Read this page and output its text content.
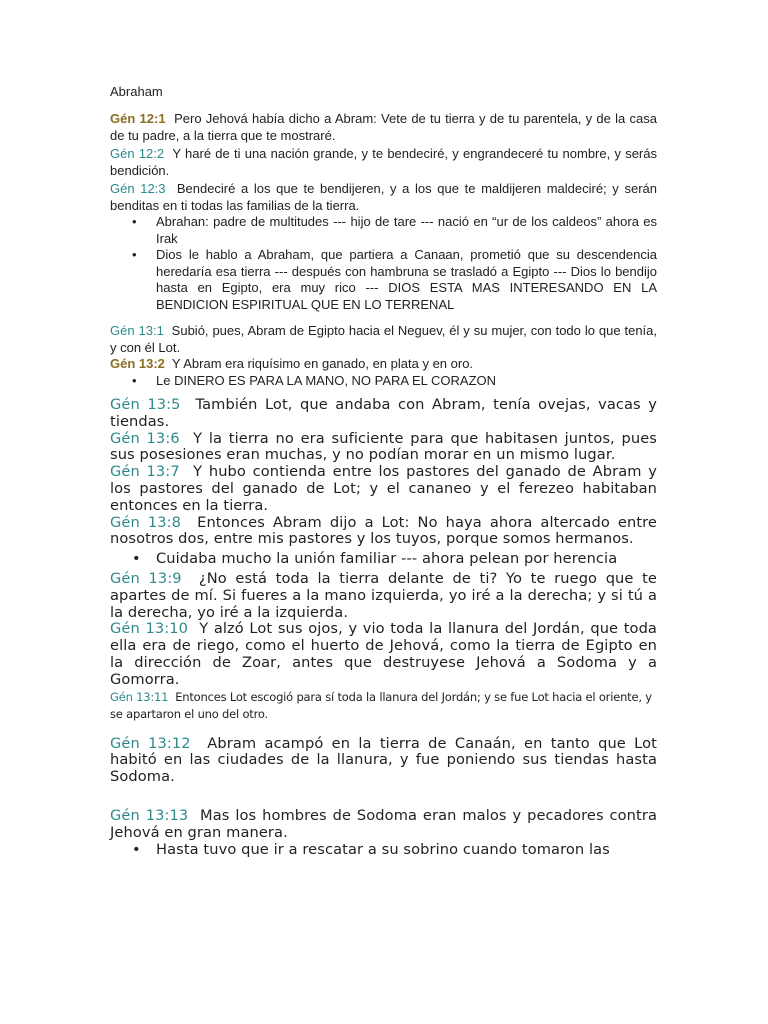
Abraham

Gén 12:1 Pero Jehová había dicho a Abram: Vete de tu tierra y de tu parentela, y de la casa de tu padre, a la tierra que te mostraré.

Gén 12:2 Y haré de ti una nación grande, y te bendeciré, y engrandeceré tu nombre, y serás bendición.

Gén 12:3 Bendeciré a los que te bendijeren, y a los que te maldijeren maldeciré; y serán benditas en ti todas las familias de la tierra.

• Abrahan: padre de multitudes --- hijo de tare --- nació en “ur de los caldeos” ahora es Irak
• Dios le hablo a Abraham, que partiera a Canaan, prometió que su descendencia heredaría esa tierra --- después con hambruna se trasladó a Egipto --- Dios lo bendijo hasta en Egipto, era muy rico --- DIOS ESTA MAS INTERESANDO EN LA BENDICION ESPIRITUAL QUE EN LO TERRENAL

Gén 13:1 Subió, pues, Abram de Egipto hacia el Neguev, él y su mujer, con todo lo que tenía, y con él Lot.

Gén 13:2 Y Abram era riquísimo en ganado, en plata y en oro.

• Le DINERO ES PARA LA MANO, NO PARA EL CORAZON

Gén 13:5 También Lot, que andaba con Abram, tenía ovejas, vacas y tiendas.

Gén 13:6 Y la tierra no era suficiente para que habitasen juntos, pues sus posesiones eran muchas, y no podían morar en un mismo lugar.

Gén 13:7 Y hubo contienda entre los pastores del ganado de Abram y los pastores del ganado de Lot; y el cananeo y el ferezeo habitaban entonces en la tierra.

Gén 13:8 Entonces Abram dijo a Lot: No haya ahora altercado entre nosotros dos, entre mis pastores y los tuyos, porque somos hermanos.

• Cuidaba mucho la unión familiar --- ahora pelean por herencia

Gén 13:9 ¿No está toda la tierra delante de ti? Yo te ruego que te apartes de mí. Si fueres a la mano izquierda, yo iré a la derecha; y si tú a la derecha, yo iré a la izquierda.

Gén 13:10 Y alzó Lot sus ojos, y vio toda la llanura del Jordán, que toda ella era de riego, como el huerto de Jehová, como la tierra de Egipto en la dirección de Zoar, antes que destruyese Jehová a Sodoma y a Gomorra.

Gén 13:11 Entonces Lot escogió para sí toda la llanura del Jordán; y se fue Lot hacia el oriente, y se apartaron el uno del otro.

Gén 13:12 Abram acampó en la tierra de Canaán, en tanto que Lot habitó en las ciudades de la llanura, y fue poniendo sus tiendas hasta Sodoma.

Gén 13:13 Mas los hombres de Sodoma eran malos y pecadores contra Jehová en gran manera.

• Hasta tuvo que ir a rescatar a su sobrino cuando tomaron las
